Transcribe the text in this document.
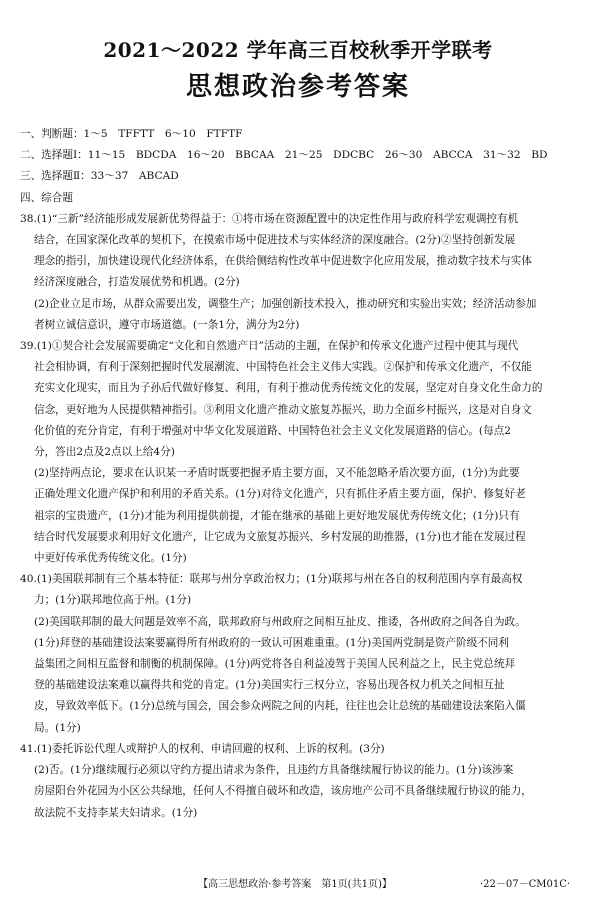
2021～2022 学年高三百校秋季开学联考
思想政治参考答案
一、判断题：1～5　TFFTT　6～10　FTFTF
二、选择题Ⅰ：11～15　BDCDA　16～20　BBCAA　21～25　DDCBC　26～30　ABCCA　31～32　BD
三、选择题Ⅱ：33～37　ABCAD
四、综合题
38.(1)“三新”经济能形成发展新优势得益于：①将市场在资源配置中的决定性作用与政府科学宏观调控有机
结合，在国家深化改革的契机下，在摸索市场中促进技术与实体经济的深度融合。(2分)②坚持创新发展
理念的指引，加快建设现代化经济体系，在供给侧结构性改革中促进数字化应用发展，推动数字技术与实体
经济深度融合，打造发展优势和机遇。(2分)
(2)企业立足市场，从群众需要出发，调整生产；加强创新技术投入，推动研究和实验出实效；经济活动参加
者树立诚信意识，遵守市场道德。(一条1分，满分为2分)
39.(1)①契合社会发展需要确定“文化和自然遗产日”活动的主题，在保护和传承文化遗产过程中使其与现代
社会相协调，有利于深刻把握时代发展潮流、中国特色社会主义伟大实践。②保护和传承文化遗产，不仅能
充实文化现实，而且为子孙后代做好修复、利用，有利于推动优秀传统文化的发展，坚定对自身文化生命力的
信念，更好地为人民提供精神指引。③利用文化遗产推动文旅复苏振兴，助力全面乡村振兴，这是对自身文
化价值的充分肯定，有利于增强对中华文化发展道路、中国特色社会主义文化发展道路的信心。(每点2
分，答出2点及2点以上给4分)
(2)坚持两点论，要求在认识某一矛盾时既要把握矛盾主要方面，又不能忽略矛盾次要方面，(1分)为此要
正确处理文化遗产保护和利用的矛盾关系。(1分)对待文化遗产，只有抓住矛盾主要方面，保护、修复好老
祖宗的宝贵遗产，(1分)才能为利用提供前提，才能在继承的基础上更好地发展优秀传统文化；(1分)只有
结合时代发展要求利用好文化遗产，让它成为文旅复苏振兴、乡村发展的助推器，(1分)也才能在发展过程
中更好传承优秀传统文化。(1分)
40.(1)美国联邦制有三个基本特征：联邦与州分享政治权力；(1分)联邦与州在各自的权利范围内享有最高权
力；(1分)联邦地位高于州。(1分)
(2)美国联邦制的最大问题是效率不高，联邦政府与州政府之间相互扯皮、推诿，各州政府之间各自为政。
(1分)拜登的基础建设法案要赢得所有州政府的一致认可困难重重。(1分)美国两党制是资产阶级不同利
益集团之间相互监督和制衡的机制保障。(1分)两党将各自利益凌驾于美国人民利益之上，民主党总统拜
登的基础建设法案难以赢得共和党的肯定。(1分)美国实行三权分立，容易出现各权力机关之间相互扯
皮，导致效率低下。(1分)总统与国会，国会参众两院之间的内耗，往往也会让总统的基础建设法案陷入僵
局。(1分)
41.(1)委托诉讼代理人或辩护人的权利、申请回避的权利、上诉的权利。(3分)
(2)否。(1分)继续履行必须以守约方提出请求为条件，且违约方具备继续履行协议的能力。(1分)该涉案
房屋阳台外花园为小区公共绿地，任何人不得擅自破坏和改造，该房地产公司不具备继续履行协议的能力，
故法院不支持李某夫妇请求。(1分)
【高三思想政治·参考答案　第1页(共1页)】	·22－07－CM01C·
